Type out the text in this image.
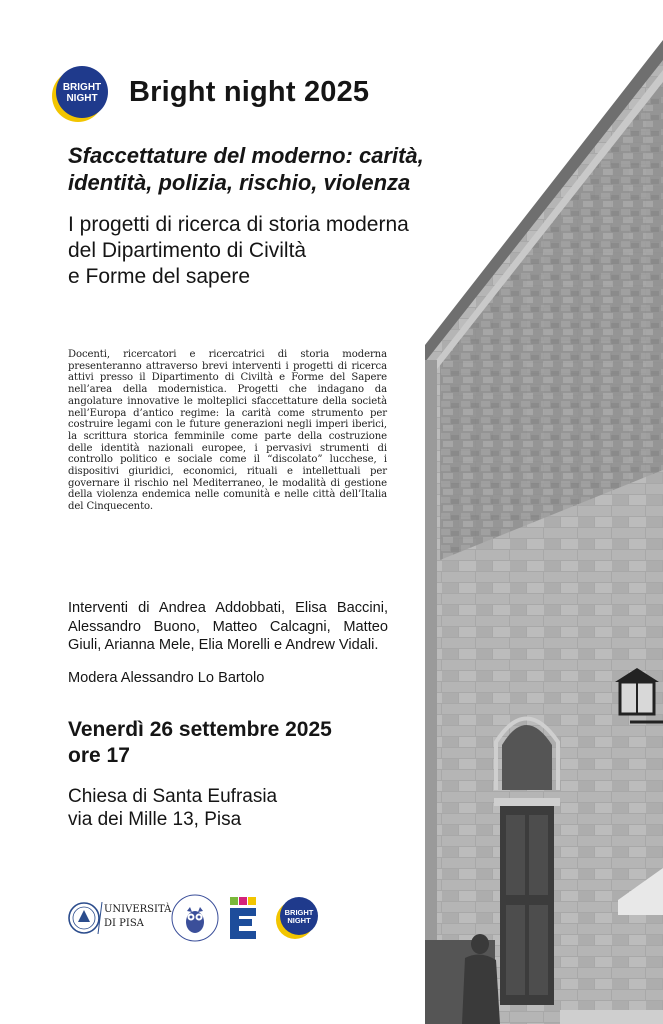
BRIGHT
NIGHT Bright night 2025
Sfaccettature del moderno: carità, identità, polizia, rischio, violenza
I progetti di ricerca di storia moderna
del Dipartimento di Civiltà
e Forme del sapere
Docenti, ricercatori e ricercatrici di storia moderna presenteranno attraverso brevi interventi i progetti di ricerca attivi presso il Dipartimento di Civiltà e Forme del Sapere nell’area della modernistica. Progetti che indagano da angolature innovative le molteplici sfaccettature della società nell’Europa d’antico regime: la carità come strumento per costruire legami con le future generazioni negli imperi iberici, la scrittura storica femminile come parte della costruzione delle identità nazionali europee, i pervasivi strumenti di controllo politico e sociale come il “discolato” lucchese, i dispositivi giuridici, economici, rituali e intellettuali per governare il rischio nel Mediterraneo, le modalità di gestione della violenza endemica nelle comunità e nelle città dell’Italia del Cinquecento.
Interventi di Andrea Addobbati, Elisa Baccini, Alessandro Buono, Matteo Calcagni, Matteo Giuli, Arianna Mele, Elia Morelli e Andrew Vidali.
Modera Alessandro Lo Bartolo
Venerdì 26 settembre 2025
ore 17
Chiesa di Santa Eufrasia
via dei Mille 13, Pisa
UNIVERSITÀ
DI PISA
BRIGHT
NIGHT
